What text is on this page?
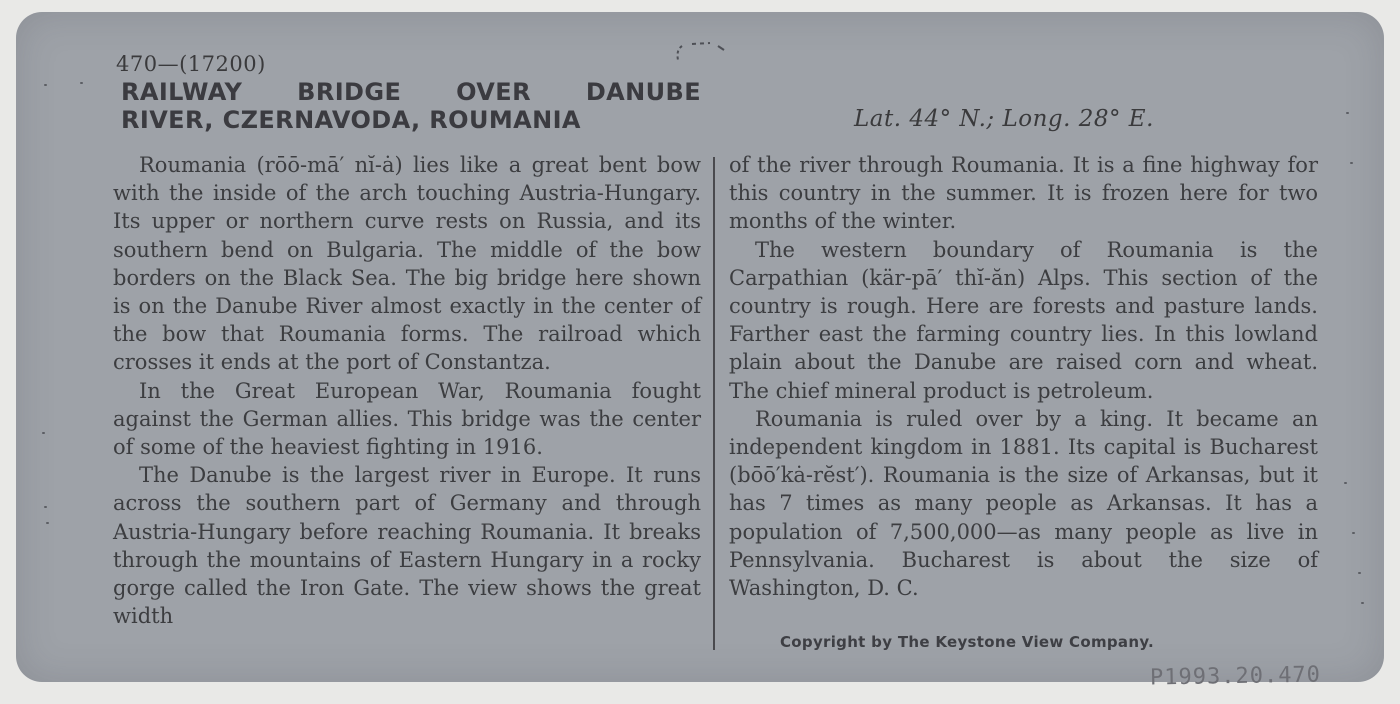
470—(17200)

RAILWAY BRIDGE OVER DANUBE
RIVER, CZERNAVODA, ROUMANIA	Lat. 44° N.; Long. 28° E.

Roumania (rōō-mā′ nĭ-ȧ) lies like a great bent bow with the inside of the arch touching Austria-Hungary. Its upper or northern curve rests on Russia, and its southern bend on Bulgaria. The middle of the bow borders on the Black Sea. The big bridge here shown is on the Danube River almost exactly in the center of the bow that Roumania forms. The railroad which crosses it ends at the port of Constantza.

In the Great European War, Roumania fought against the German allies. This bridge was the center of some of the heaviest fighting in 1916.

The Danube is the largest river in Europe. It runs across the southern part of Germany and through Austria-Hungary before reaching Roumania. It breaks through the mountains of Eastern Hungary in a rocky gorge called the Iron Gate. The view shows the great width

of the river through Roumania. It is a fine highway for this country in the summer. It is frozen here for two months of the winter.

The western boundary of Roumania is the Carpathian (kär-pā′ thĭ-ăn) Alps. This section of the country is rough. Here are forests and pasture lands. Farther east the farming country lies. In this lowland plain about the Danube are raised corn and wheat. The chief mineral product is petroleum.

Roumania is ruled over by a king. It became an independent kingdom in 1881. Its capital is Bucharest (bōō′kȧ-rĕst′). Roumania is the size of Arkansas, but it has 7 times as many people as Arkansas. It has a population of 7,500,000—as many people as live in Pennsylvania. Bucharest is about the size of Washington, D. C.

Copyright by The Keystone View Company.

P1993.20.470
